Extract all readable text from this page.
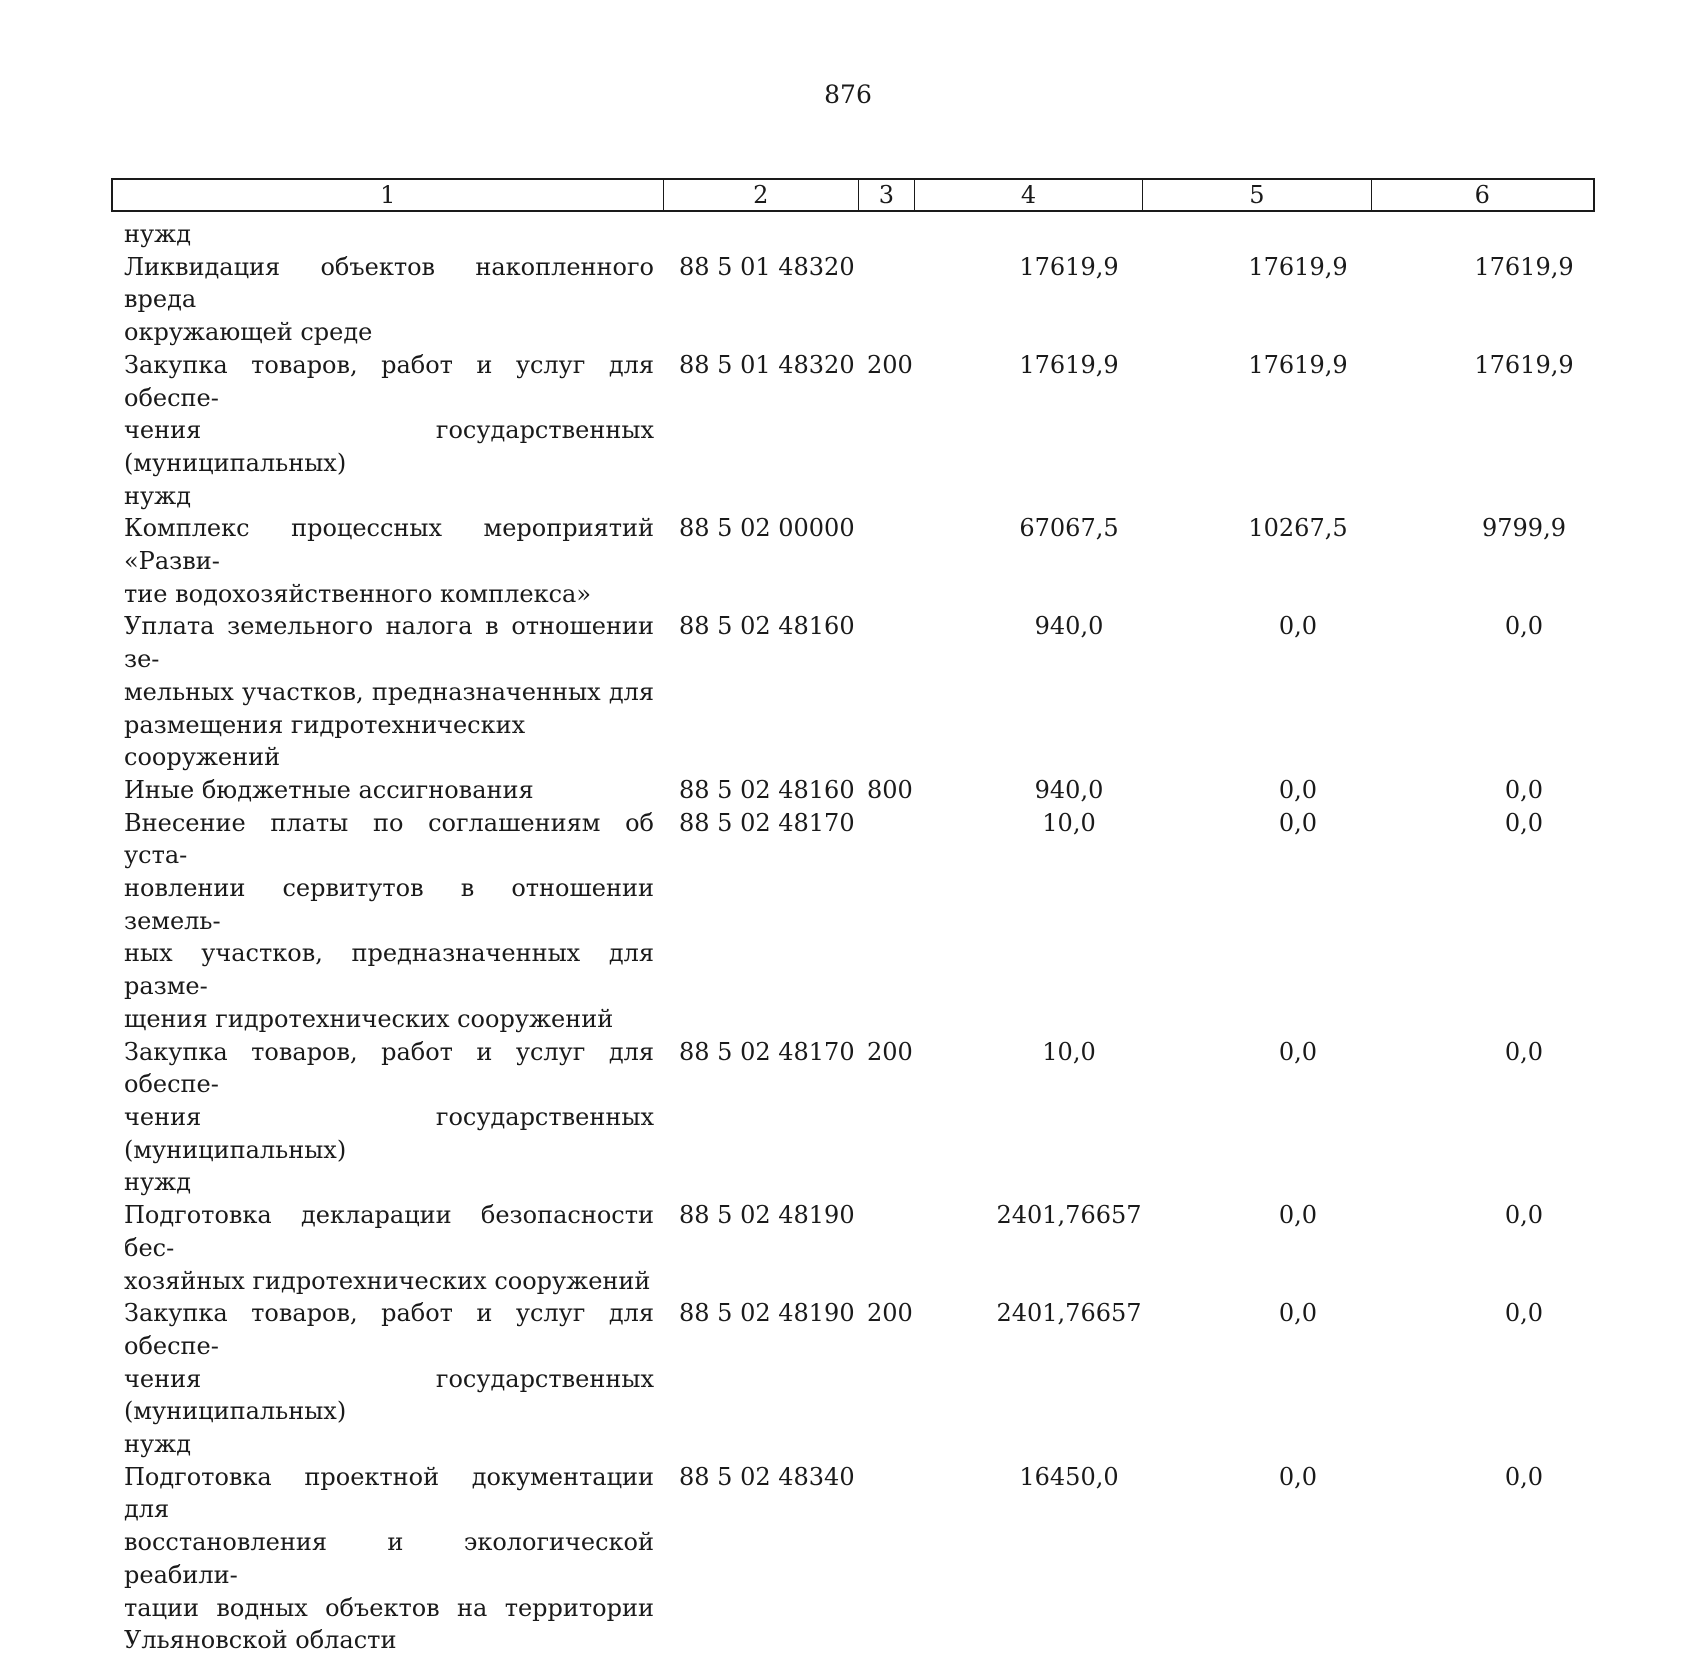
876
1	2	3	4	5	6
нужд
Ликвидация объектов накопленного вреда
окружающей среде
88 5 01 48320	17619,9	17619,9	17619,9
Закупка товаров, работ и услуг для обеспе-
чения государственных (муниципальных)
нужд
88 5 01 48320 200	17619,9	17619,9	17619,9
Комплекс процессных мероприятий «Разви-
тие водохозяйственного комплекса»
88 5 02 00000	67067,5	10267,5	9799,9
Уплата земельного налога в отношении зе-
мельных участков, предназначенных для
размещения гидротехнических сооружений
88 5 02 48160	940,0	0,0	0,0
Иные бюджетные ассигнования	88 5 02 48160 800	940,0	0,0	0,0
Внесение платы по соглашениям об уста-
новлении сервитутов в отношении земель-
ных участков, предназначенных для разме-
щения гидротехнических сооружений
88 5 02 48170	10,0	0,0	0,0
Закупка товаров, работ и услуг для обеспе-
чения государственных (муниципальных)
нужд
88 5 02 48170 200	10,0	0,0	0,0
Подготовка декларации безопасности бес-
хозяйных гидротехнических сооружений
88 5 02 48190	2401,76657	0,0	0,0
Закупка товаров, работ и услуг для обеспе-
чения государственных (муниципальных)
нужд
88 5 02 48190 200	2401,76657	0,0	0,0
Подготовка проектной документации для
восстановления и экологической реабили-
тации водных объектов на территории
Ульяновской области
88 5 02 48340	16450,0	0,0	0,0
